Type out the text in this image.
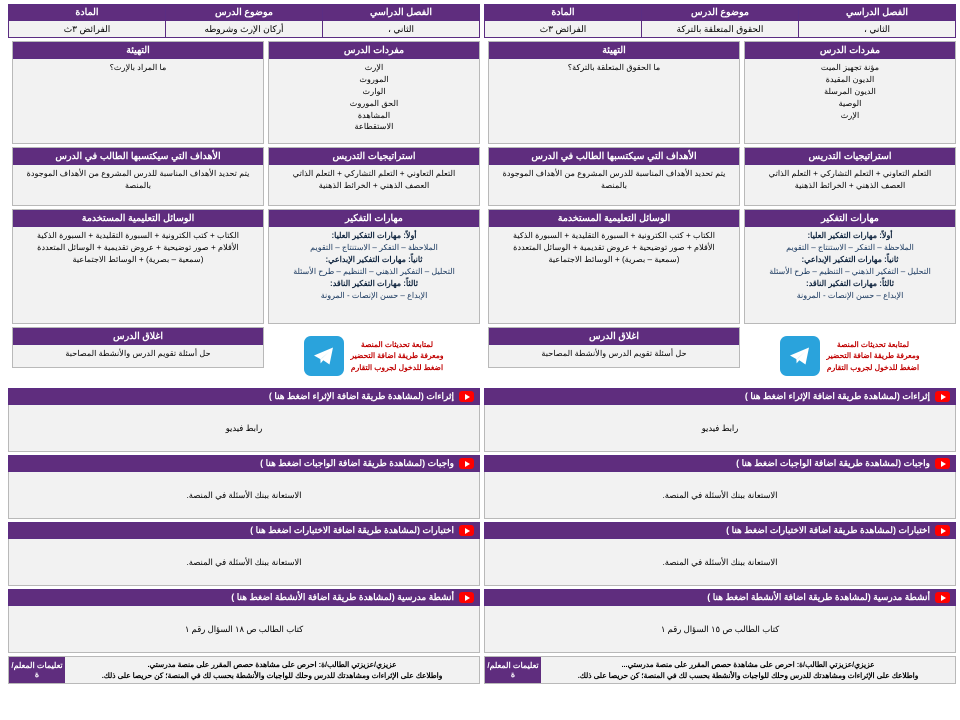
الفصل الدراسي	موضوع الدرس	المادة
الثاني ،	الحقوق المتعلقة بالتركة	الفرائض ٣ث
مفردات الدرس
مؤنة تجهيز الميت
الديون المقيدة
الديون المرسلة
الوصية
الإرث
استراتيجيات التدريس
التعلم التعاوني + التعلم التشاركي + التعلم الذاتي
العصف الذهني + الخرائط الذهنية
مهارات التفكير
أولاً: مهارات التفكير العليا:
الملاحظة – التفكر – الاستنتاج – التقويم
ثانياً: مهارات التفكير الإبداعي:
التحليل – التفكير الذهني – التنظيم – طرح الأسئلة
ثالثاً: مهارات التفكير الناقد:
الإبداع – حسن الإنصات - المرونة
لمتابعة تحديثات المنصة
ومعرفة طريقة اضافة التحضير
اضغط للدخول لجروب التقارم
التهيئة
ما الحقوق المتعلقة بالتركة؟
الأهداف التي سيكتسبها الطالب في الدرس
يتم تحديد الأهداف المناسبة للدرس المشروع من الأهداف الموجودة بالمنصة
الوسائل التعليمية المستخدمة
الكتاب + كتب الكترونية + السبورة التقليدية + السبورة الذكية
الأقلام + صور توضيحية + عروض تقديمية + الوسائل المتعددة
(سمعية – بصرية) + الوسائط الاجتماعية
اغلاق الدرس
حل أسئلة تقويم الدرس والأنشطة المصاحبة
إثراءات (لمشاهدة طريقة اضافة الإثراء اضغط هنا )
رابط فيديو
واجبات (لمشاهدة طريقة اضافة الواجبات اضغط هنا )
الاستعانة ببنك الأسئلة في المنصة.
اختبارات (لمشاهدة طريقة اضافة الاختبارات اضغط هنا )
الاستعانة ببنك الأسئلة في المنصة.
أنشطة مدرسية (لمشاهدة طريقة اضافة الأنشطة اضغط هنا )
كتاب الطالب ص ١٥ السؤال رقم ١
عزيزي/عزيزتي الطالب/ة: احرص على مشاهدة حصص المقرر على منصة مدرستي...
واطلاعك على الإثراءات ومشاهدتك للدرس وحلك للواجبات والأنشطة بحسب لك في المنصة؛ كن حريصا على ذلك.
تعليمات المعلم/ة
الفصل الدراسي	موضوع الدرس	المادة
الثاني ،	أركان الإرث وشروطه	الفرائض ٣ث
مفردات الدرس
الإرث
الموروث
الوارث
الحق الموروث
المشاهدة
الاستقطاعة
استراتيجيات التدريس
التعلم التعاوني + التعلم التشاركي + التعلم الذاتي
العصف الذهني + الخرائط الذهنية
مهارات التفكير
أولاً: مهارات التفكير العليا:
الملاحظة – التفكر – الاستنتاج – التقويم
ثانياً: مهارات التفكير الإبداعي:
التحليل – التفكير الذهني – التنظيم – طرح الأسئلة
ثالثاً: مهارات التفكير الناقد:
الإبداع – حسن الإنصات - المرونة
لمتابعة تحديثات المنصة
ومعرفة طريقة اضافة التحضير
اضغط للدخول لجروب التقارم
التهيئة
ما المراد بالإرث؟
الأهداف التي سيكتسبها الطالب في الدرس
يتم تحديد الأهداف المناسبة للدرس المشروع من الأهداف الموجودة بالمنصة
الوسائل التعليمية المستخدمة
الكتاب + كتب الكترونية + السبورة التقليدية + السبورة الذكية
الأقلام + صور توضيحية + عروض تقديمية + الوسائل المتعددة
(سمعية – بصرية) + الوسائط الاجتماعية
اغلاق الدرس
حل أسئلة تقويم الدرس والأنشطة المصاحبة
إثراءات (لمشاهدة طريقة اضافة الإثراء اضغط هنا )
رابط فيديو
واجبات (لمشاهدة طريقة اضافة الواجبات اضغط هنا )
الاستعانة ببنك الأسئلة في المنصة.
اختبارات (لمشاهدة طريقة اضافة الاختبارات اضغط هنا )
الاستعانة ببنك الأسئلة في المنصة.
أنشطة مدرسية (لمشاهدة طريقة اضافة الأنشطة اضغط هنا )
كتاب الطالب ص ١٨ السؤال رقم ١
عزيزي/عزيزتي الطالب/ة: احرص على مشاهدة حصص المقرر على منصة مدرستي.
واطلاعك على الإثراءات ومشاهدتك للدرس وحلك للواجبات والأنشطة بحسب لك في المنصة؛ كن حريصا على ذلك.
تعليمات المعلم/ة
